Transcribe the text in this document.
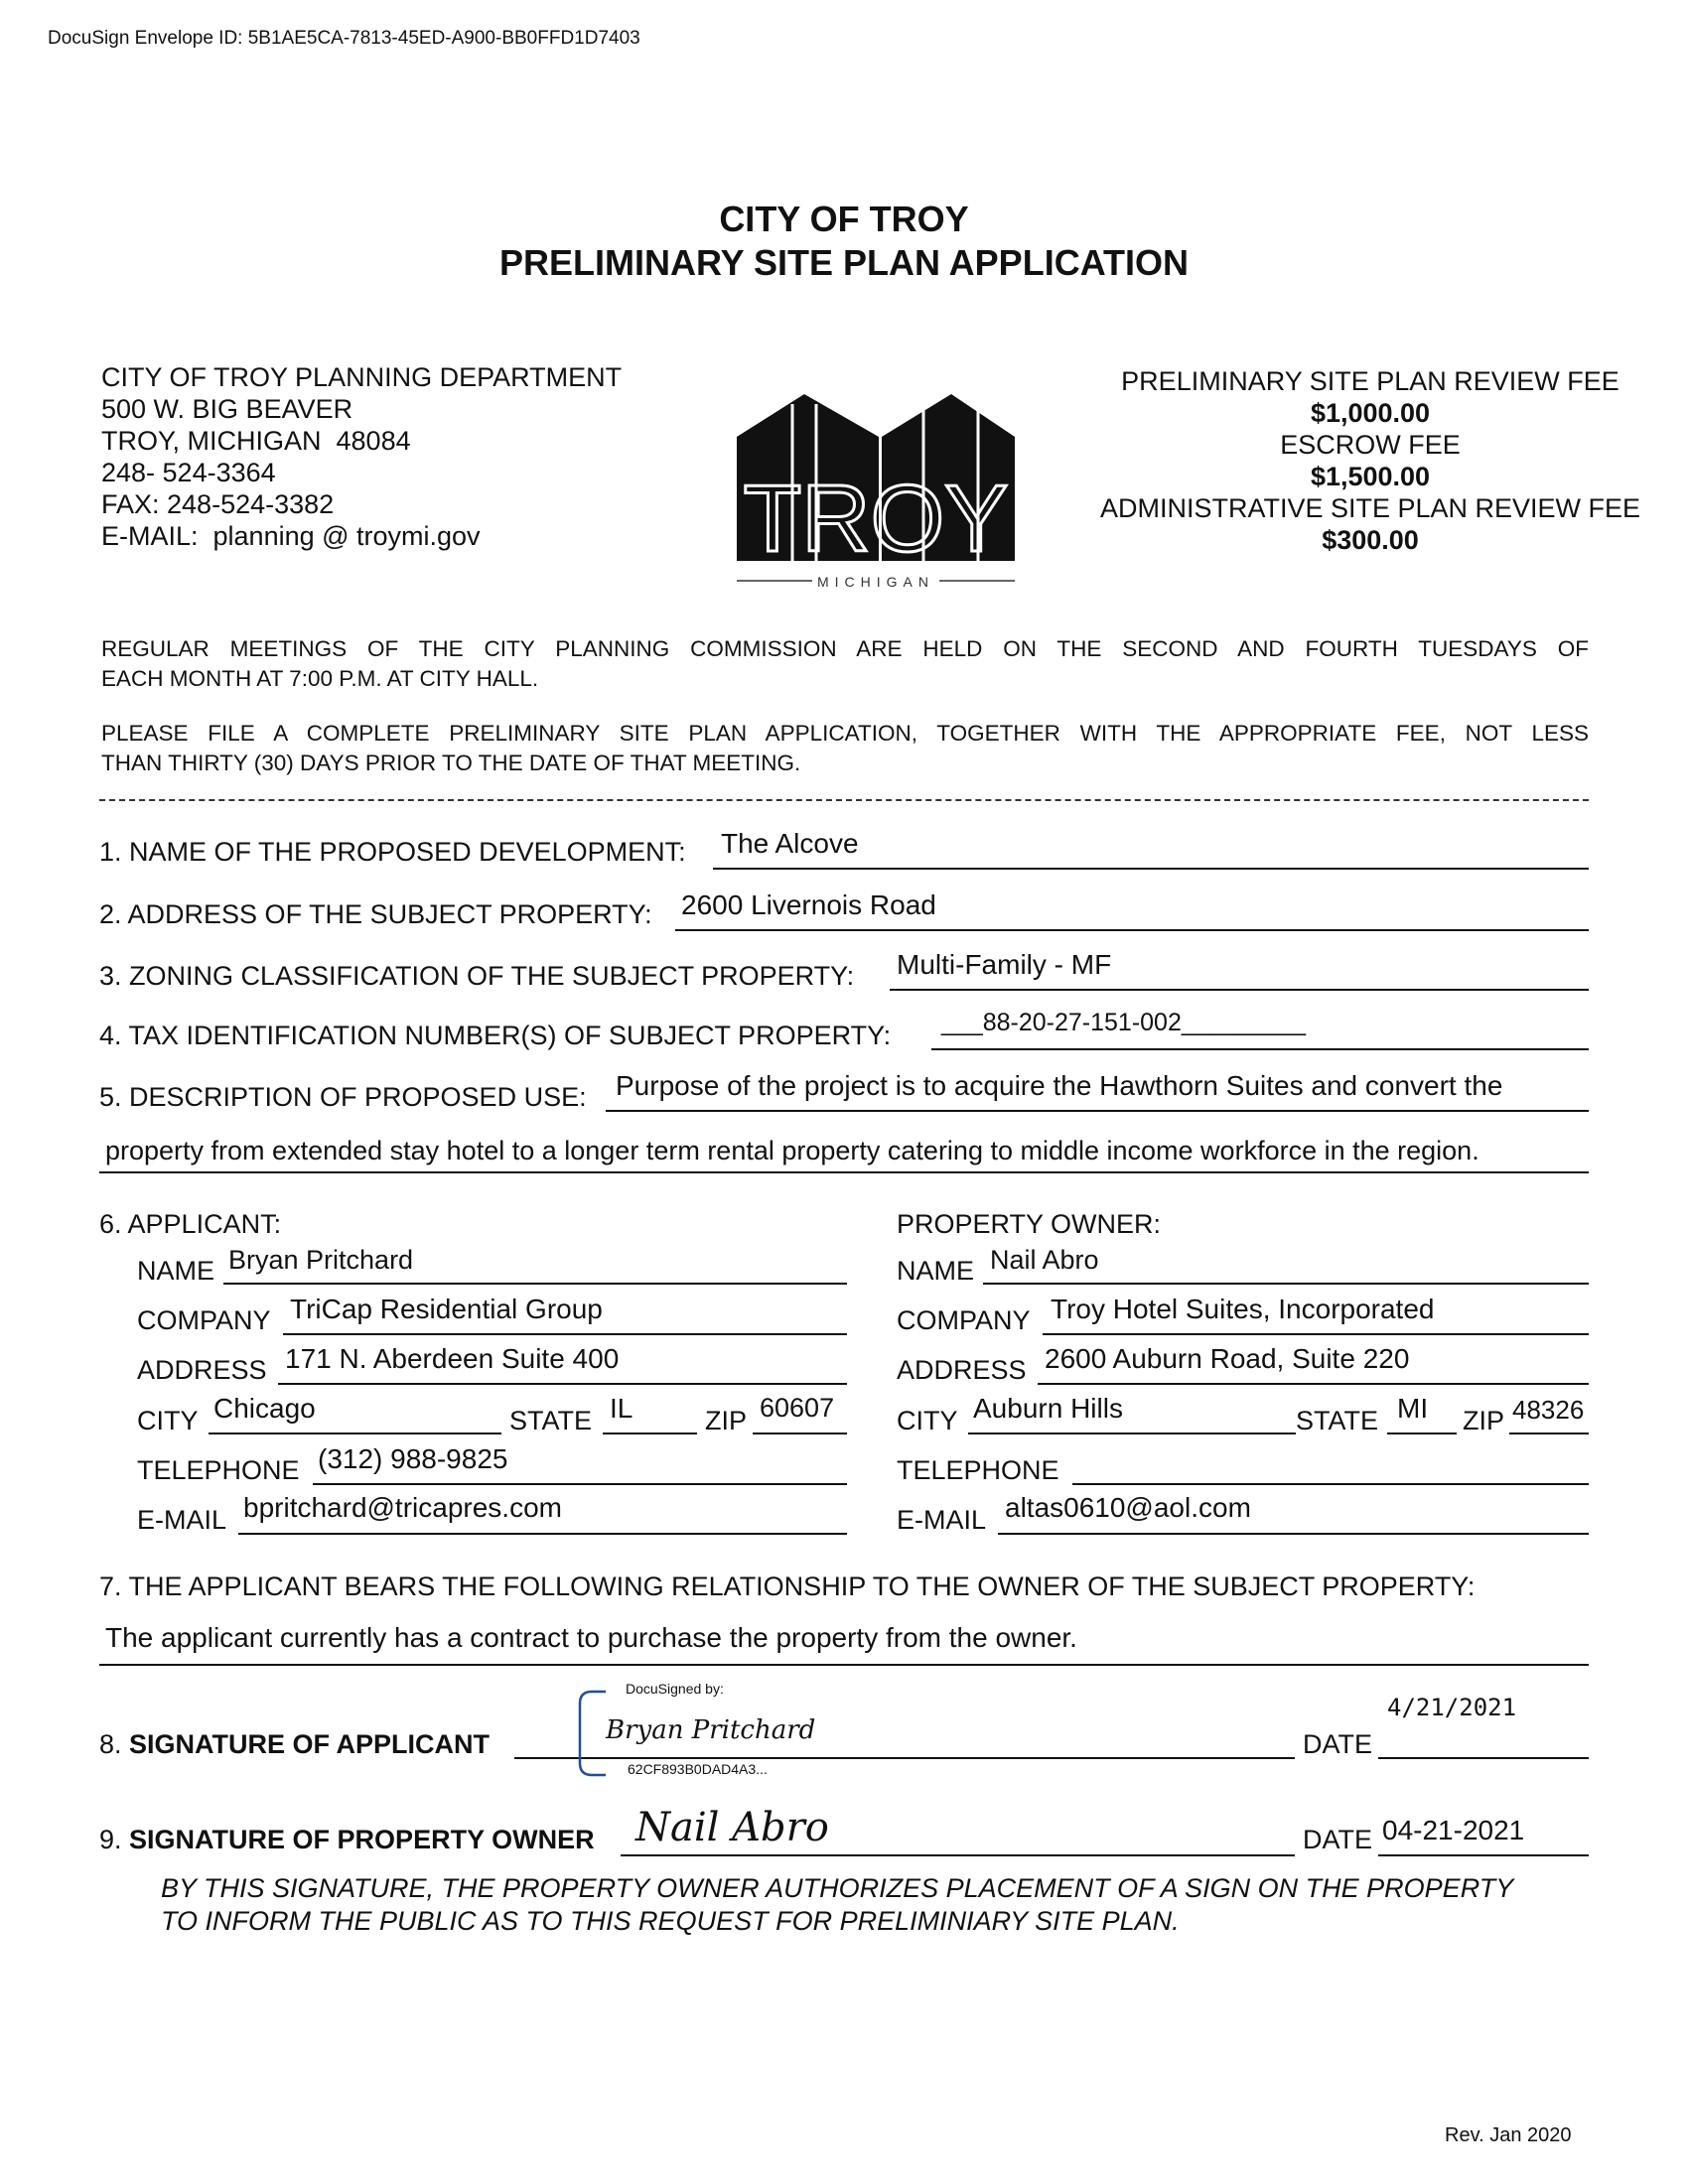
DocuSign Envelope ID: 5B1AE5CA-7813-45ED-A900-BB0FFD1D7403
CITY OF TROY
PRELIMINARY SITE PLAN APPLICATION
CITY OF TROY PLANNING DEPARTMENT
500 W. BIG BEAVER
TROY, MICHIGAN  48084
248- 524-3364
FAX: 248-524-3382
E-MAIL:  planning @ troymi.gov	TROY
MICHIGAN
PRELIMINARY SITE PLAN REVIEW FEE
$1,000.00
ESCROW FEE
$1,500.00
ADMINISTRATIVE SITE PLAN REVIEW FEE
$300.00
REGULAR MEETINGS OF THE CITY PLANNING COMMISSION ARE HELD ON THE SECOND AND FOURTH TUESDAYS OF
EACH MONTH AT 7:00 P.M. AT CITY HALL.
PLEASE FILE A COMPLETE PRELIMINARY SITE PLAN APPLICATION, TOGETHER WITH THE APPROPRIATE FEE, NOT LESS
THAN THIRTY (30) DAYS PRIOR TO THE DATE OF THAT MEETING.
1. NAME OF THE PROPOSED DEVELOPMENT: The Alcove
2. ADDRESS OF THE SUBJECT PROPERTY: 2600 Livernois Road
3. ZONING CLASSIFICATION OF THE SUBJECT PROPERTY: Multi-Family - MF
4. TAX IDENTIFICATION NUMBER(S) OF SUBJECT PROPERTY: ___88-20-27-151-002_________
5. DESCRIPTION OF PROPOSED USE: Purpose of the project is to acquire the Hawthorn Suites and convert the
property from extended stay hotel to a longer term rental property catering to middle income workforce in the region.
6. APPLICANT:	PROPERTY OWNER:
NAME Bryan Pritchard
COMPANY TriCap Residential Group
ADDRESS 171 N. Aberdeen Suite 400
CITY Chicago	STATE IL	ZIP 60607
TELEPHONE (312) 988-9825
E-MAIL bpritchard@tricapres.com
NAME Nail Abro
COMPANY Troy Hotel Suites, Incorporated
ADDRESS 2600 Auburn Road, Suite 220
CITY Auburn Hills	STATE MI ZIP 48326
TELEPHONE
E-MAIL altas0610@aol.com
7. THE APPLICANT BEARS THE FOLLOWING RELATIONSHIP TO THE OWNER OF THE SUBJECT PROPERTY:
The applicant currently has a contract to purchase the property from the owner.
8. SIGNATURE OF APPLICANT
DocuSigned by:
Bryan Pritchard
62CF893B0DAD4A3...
DATE
4/21/2021
9. SIGNATURE OF PROPERTY OWNER Nail Abro	DATE 04-21-2021
BY THIS SIGNATURE, THE PROPERTY OWNER AUTHORIZES PLACEMENT OF A SIGN ON THE PROPERTY
TO INFORM THE PUBLIC AS TO THIS REQUEST FOR PRELIMINIARY SITE PLAN.
Rev. Jan 2020
